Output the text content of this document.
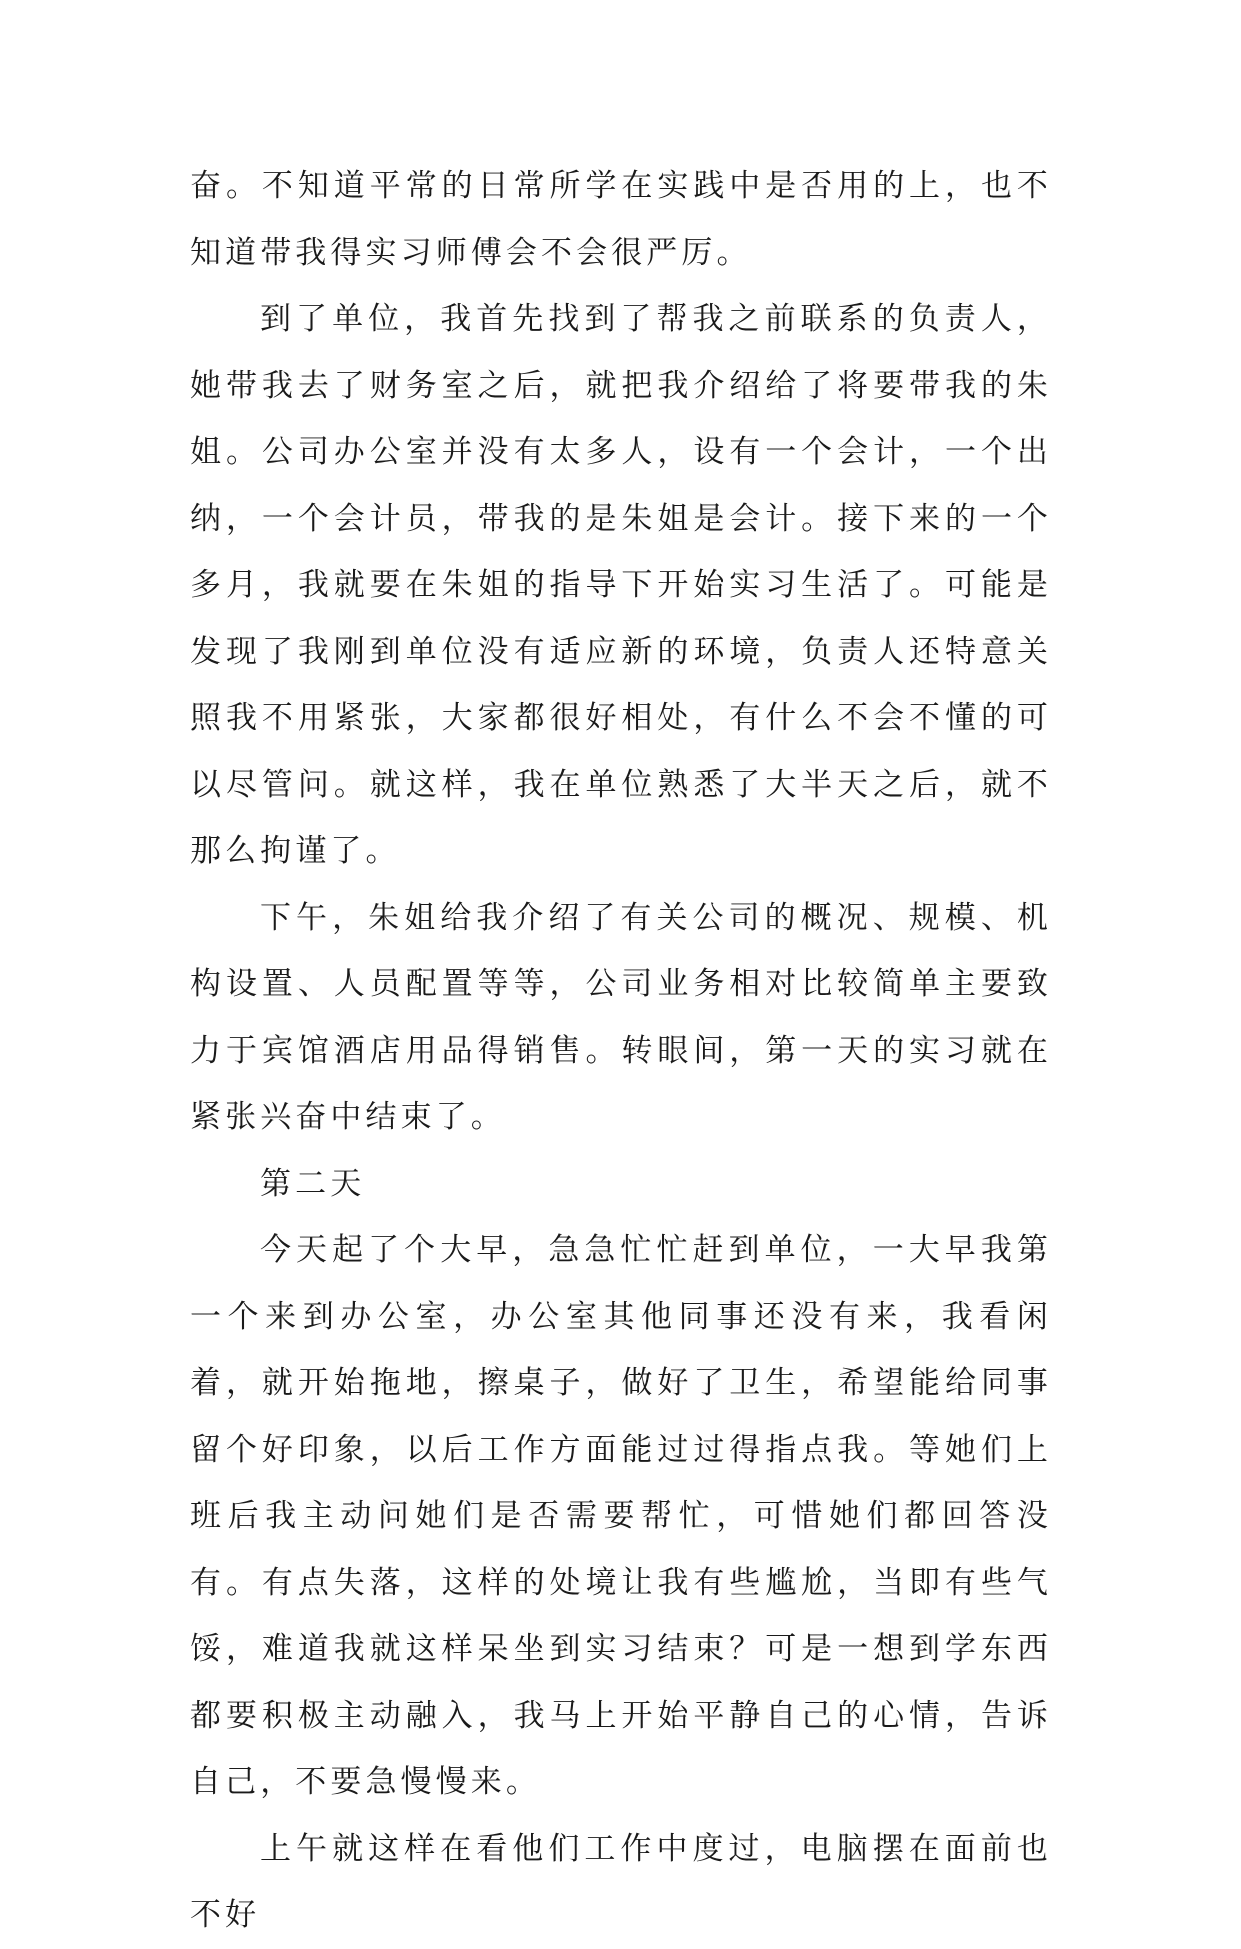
奋。不知道平常的日常所学在实践中是否用的上，也不知道带我得实习师傅会不会很严厉。

到了单位，我首先找到了帮我之前联系的负责人，她带我去了财务室之后，就把我介绍给了将要带我的朱姐。公司办公室并没有太多人，设有一个会计，一个出纳，一个会计员，带我的是朱姐是会计。接下来的一个多月，我就要在朱姐的指导下开始实习生活了。可能是发现了我刚到单位没有适应新的环境，负责人还特意关照我不用紧张，大家都很好相处，有什么不会不懂的可以尽管问。就这样，我在单位熟悉了大半天之后，就不那么拘谨了。

下午，朱姐给我介绍了有关公司的概况、规模、机构设置、人员配置等等，公司业务相对比较简单主要致力于宾馆酒店用品得销售。转眼间，第一天的实习就在紧张兴奋中结束了。

第二天

今天起了个大早，急急忙忙赶到单位，一大早我第一个来到办公室，办公室其他同事还没有来，我看闲着，就开始拖地，擦桌子，做好了卫生，希望能给同事留个好印象，以后工作方面能过过得指点我。等她们上班后我主动问她们是否需要帮忙，可惜她们都回答没有。有点失落，这样的处境让我有些尴尬，当即有些气馁，难道我就这样呆坐到实习结束？可是一想到学东西都要积极主动融入，我马上开始平静自己的心情，告诉自己，不要急慢慢来。

上午就这样在看他们工作中度过，电脑摆在面前也不好
